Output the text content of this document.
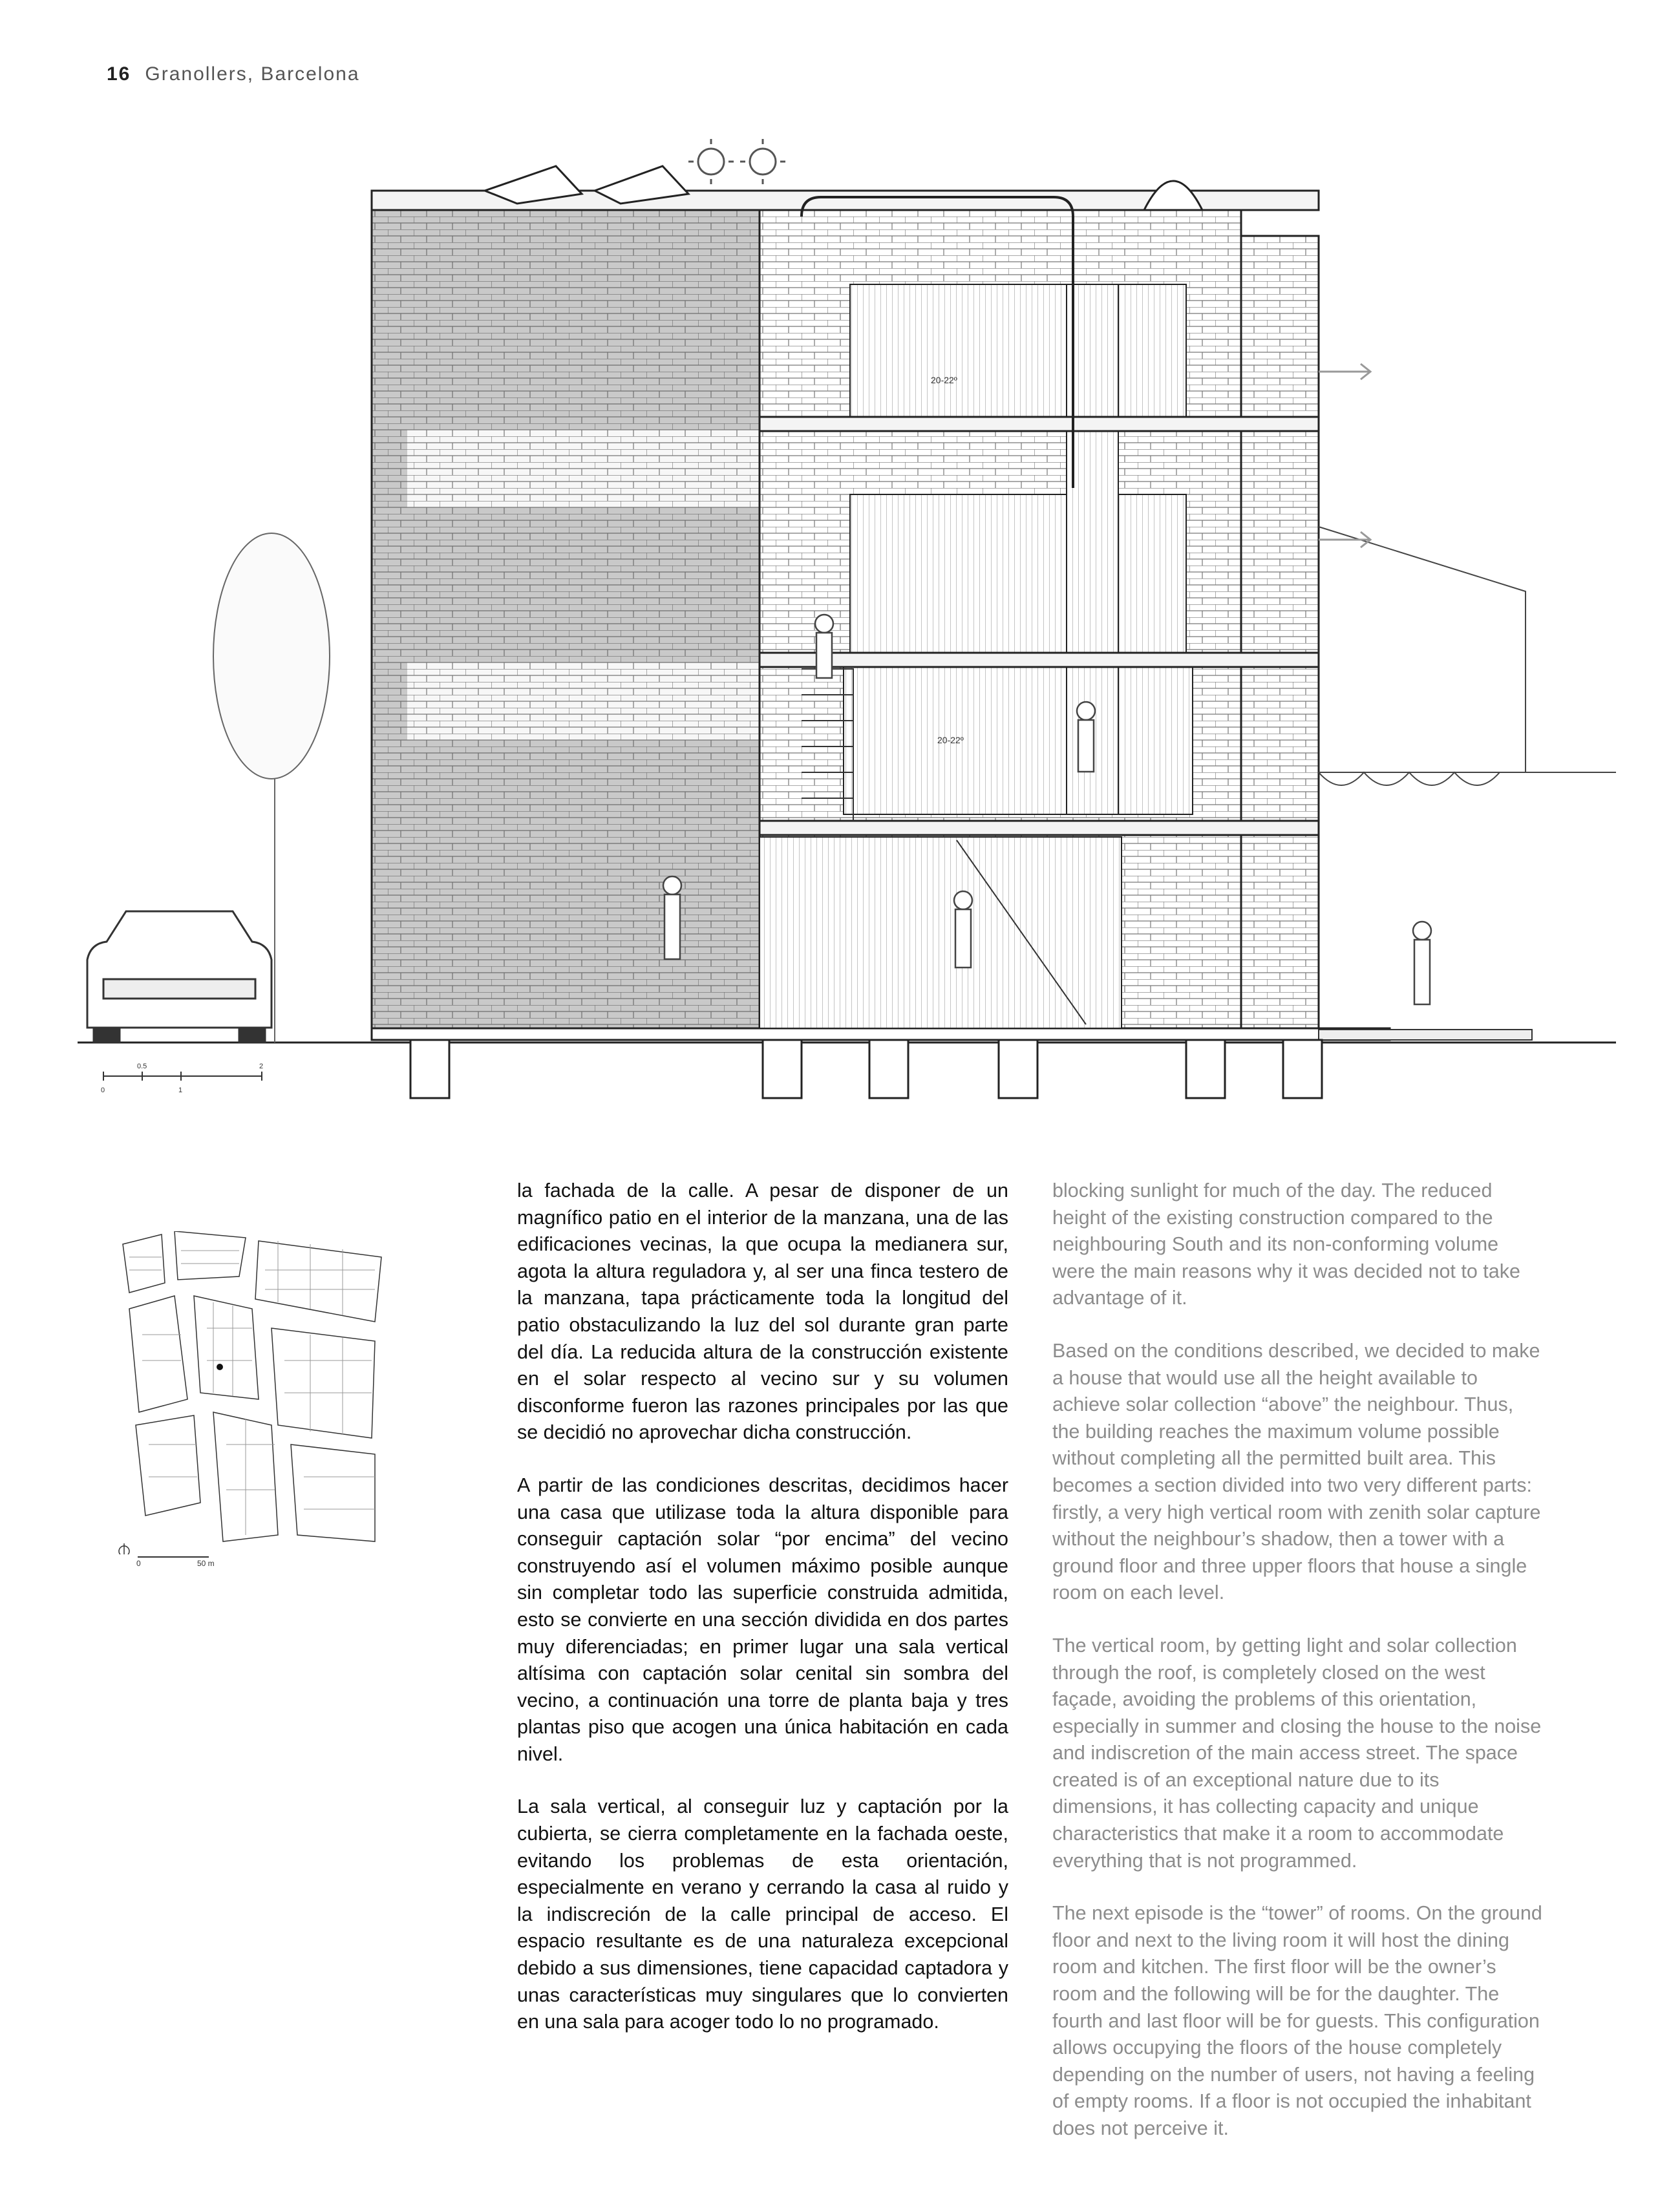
16 Granollers, Barcelona
20-22º
20-22º
0
0.5
1
2
0	50 m

la fachada de la calle. A pesar de disponer de un magnífico patio en el interior de la manzana, una de las edificaciones vecinas, la que ocupa la medianera sur, agota la altura reguladora y, al ser una finca testero de la manzana, tapa prácticamente toda la longitud del patio obstaculizando la luz del sol durante gran parte del día. La reducida altura de la construcción existente en el solar respecto al vecino sur y su volumen disconforme fueron las razones principales por las que se decidió no aprovechar dicha construcción.

A partir de las condiciones descritas, decidimos hacer una casa que utilizase toda la altura disponible para conseguir captación solar “por encima” del vecino construyendo así el volumen máximo posible aunque sin completar todo las superficie construida admitida, esto se convierte en una sección dividida en dos partes muy diferenciadas; en primer lugar una sala vertical altísima con captación solar cenital sin sombra del vecino, a continuación una torre de planta baja y tres plantas piso que acogen una única habitación en cada nivel.

La sala vertical, al conseguir luz y captación por la cubierta, se cierra completamente en la fachada oeste, evitando los problemas de esta orientación, especialmente en verano y cerrando la casa al ruido y la indiscreción de la calle principal de acceso. El espacio resultante es de una naturaleza excepcional debido a sus dimensiones, tiene capacidad captadora y unas características muy singulares que lo convierten en una sala para acoger todo lo no programado.

blocking sunlight for much of the day. The reduced height of the existing construction compared to the neighbouring South and its non-conforming volume were the main reasons why it was decided not to take advantage of it.

Based on the conditions described, we decided to make a house that would use all the height available to achieve solar collection “above” the neighbour. Thus, the building reaches the maximum volume possible without completing all the permitted built area. This becomes a section divided into two very different parts: firstly, a very high vertical room with zenith solar capture without the neighbour’s shadow, then a tower with a ground floor and three upper floors that house a single room on each level.

The vertical room, by getting light and solar collection through the roof, is completely closed on the west façade, avoiding the problems of this orientation, especially in summer and closing the house to the noise and indiscretion of the main access street. The space created is of an exceptional nature due to its dimensions, it has collecting capacity and unique characteristics that make it a room to accommodate everything that is not programmed.

The next episode is the “tower” of rooms. On the ground floor and next to the living room it will host the dining room and kitchen. The first floor will be the owner’s room and the following will be for the daughter. The fourth and last floor will be for guests. This configuration allows occupying the floors of the house completely depending on the number of users, not having a feeling of empty rooms. If a floor is not occupied the inhabitant does not perceive it.
